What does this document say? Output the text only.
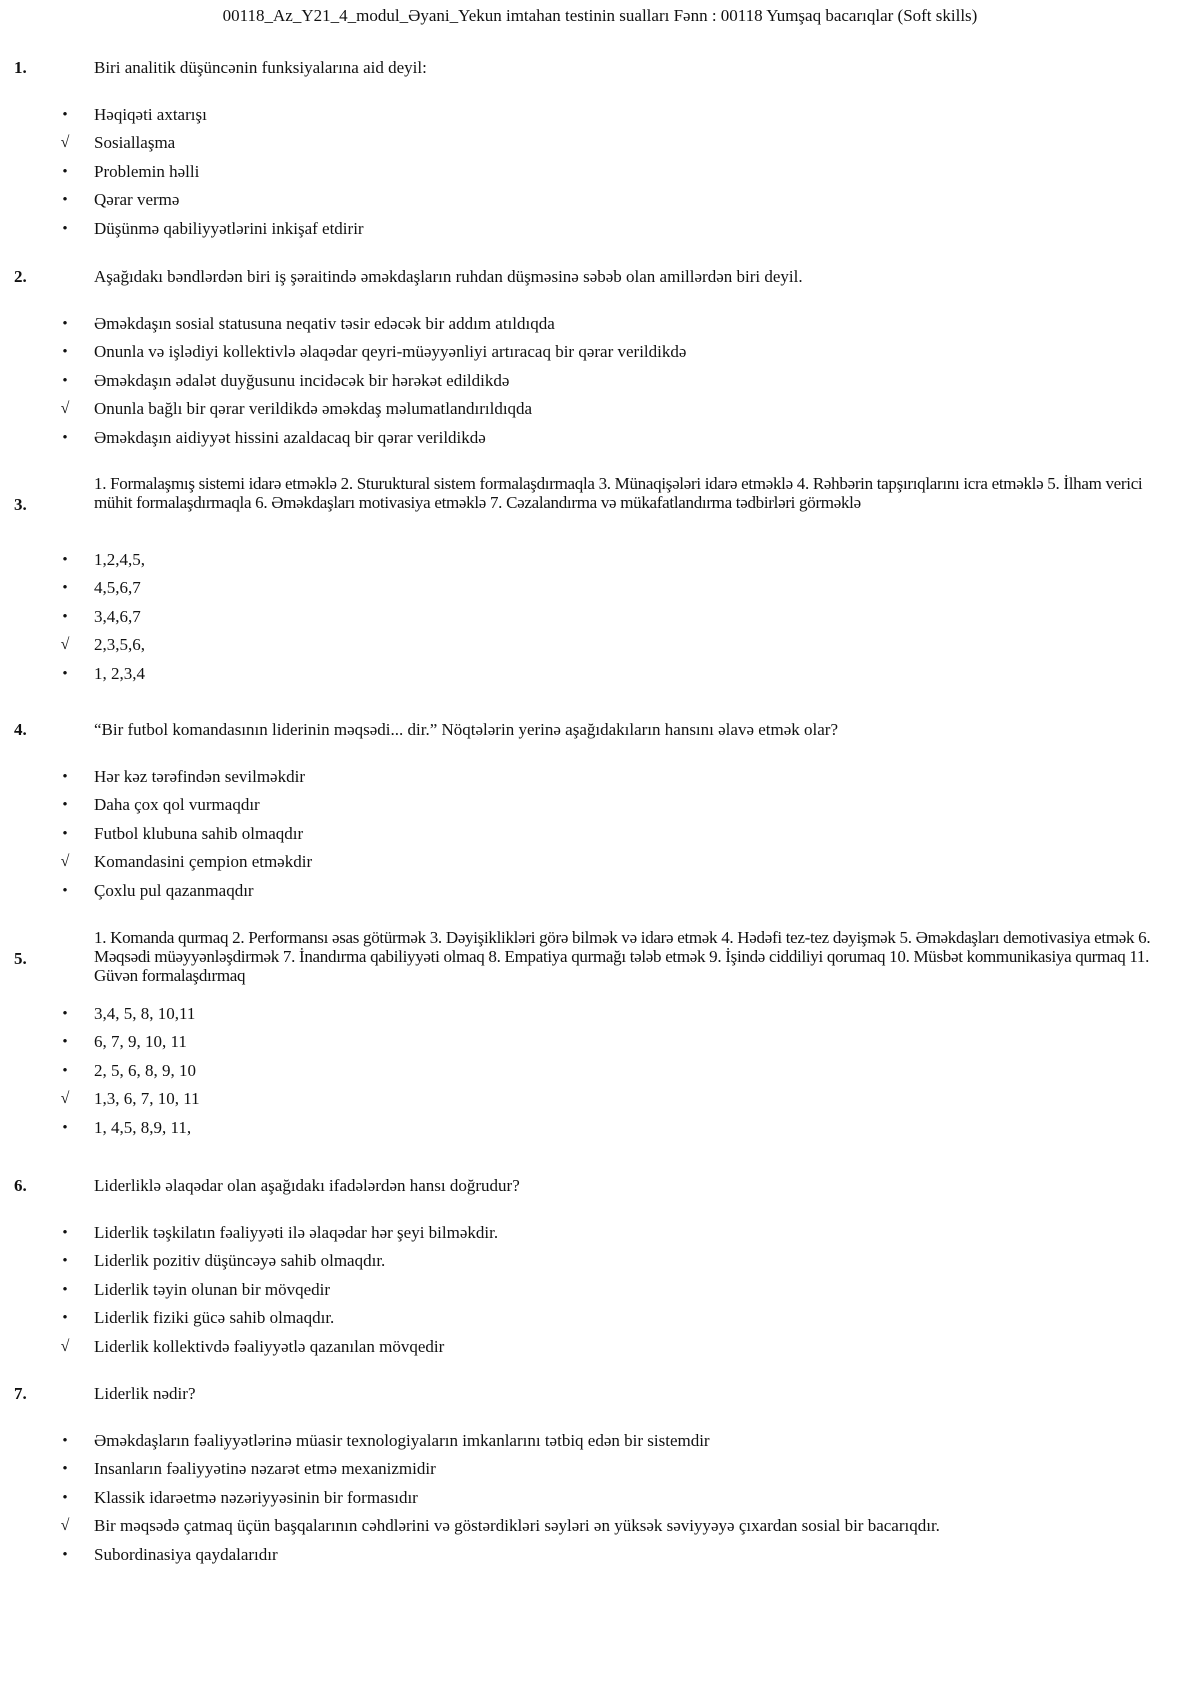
00118_Az_Y21_4_modul_Əyani_Yekun imtahan testinin sualları Fənn : 00118 Yumşaq bacarıqlar (Soft skills)
1.	Biri analitik düşüncənin funksiyalarına aid deyil:
• Həqiqəti axtarışı
√ Sosiallaşma
• Problemin həlli
• Qərar vermə
• Düşünmə qabiliyyətlərini inkişaf etdirir
2.	Aşağıdakı bəndlərdən biri iş şəraitində əməkdaşların ruhdan düşməsinə səbəb olan amillərdən biri deyil.
• Əməkdaşın sosial statusuna neqativ təsir edəcək bir addım atıldıqda
• Onunla və işlədiyi kollektivlə əlaqədar qeyri-müəyyənliyi artıracaq bir qərar verildikdə
• Əməkdaşın ədalət duyğusunu incidəcək bir hərəkət edildikdə
√ Onunla bağlı bir qərar verildikdə əməkdaş məlumatlandırıldıqda
• Əməkdaşın aidiyyət hissini azaldacaq bir qərar verildikdə
3.
1. Formalaşmış sistemi idarə etməklə 2. Sturuktural sistem formalaşdırmaqla 3. Münaqişələri idarə etməklə 4. Rəhbərin tapşırıqlarını icra etməklə 5. İlham verici mühit formalaşdırmaqla 6. Əməkdaşları motivasiya etməklə 7. Cəzalandırma və mükafatlandırma tədbirləri görməklə
• 1,2,4,5,
• 4,5,6,7
• 3,4,6,7
√ 2,3,5,6,
• 1, 2,3,4
4.	“Bir futbol komandasının liderinin məqsədi... dir.” Nöqtələrin yerinə aşağıdakıların hansını əlavə etmək olar?
• Hər kəz tərəfindən sevilməkdir
• Daha çox qol vurmaqdır
• Futbol klubuna sahib olmaqdır
√ Komandasini çempion etməkdir
• Çoxlu pul qazanmaqdır
5.
1. Komanda qurmaq 2. Performansı əsas götürmək 3. Dəyişiklikləri görə bilmək və idarə etmək 4. Hədəfi tez-tez dəyişmək 5. Əməkdaşları demotivasiya etmək 6. Məqsədi müəyyənləşdirmək 7. İnandırma qabiliyyəti olmaq 8. Empatiya qurmağı tələb etmək 9. İşində ciddiliyi qorumaq 10. Müsbət kommunikasiya qurmaq 11. Güvən formalaşdırmaq
• 3,4, 5, 8, 10,11
• 6, 7, 9, 10, 11
• 2, 5, 6, 8, 9, 10
√ 1,3, 6, 7, 10, 11
• 1, 4,5, 8,9, 11,
6.	Liderliklə əlaqədar olan aşağıdakı ifadələrdən hansı doğrudur?
• Liderlik təşkilatın fəaliyyəti ilə əlaqədar hər şeyi bilməkdir.
• Liderlik pozitiv düşüncəyə sahib olmaqdır.
• Liderlik təyin olunan bir mövqedir
• Liderlik fiziki gücə sahib olmaqdır.
√ Liderlik kollektivdə fəaliyyətlə qazanılan mövqedir
7.	Liderlik nədir?
• Əməkdaşların fəaliyyətlərinə müasir texnologiyaların imkanlarını tətbiq edən bir sistemdir
• Insanların fəaliyyətinə nəzarət etmə mexanizmidir
• Klassik idarəetmə nəzəriyyəsinin bir formasıdır
√ Bir məqsədə çatmaq üçün başqalarının cəhdlərini və göstərdikləri səyləri ən yüksək səviyyəyə çıxardan sosial bir bacarıqdır.
• Subordinasiya qaydalarıdır
